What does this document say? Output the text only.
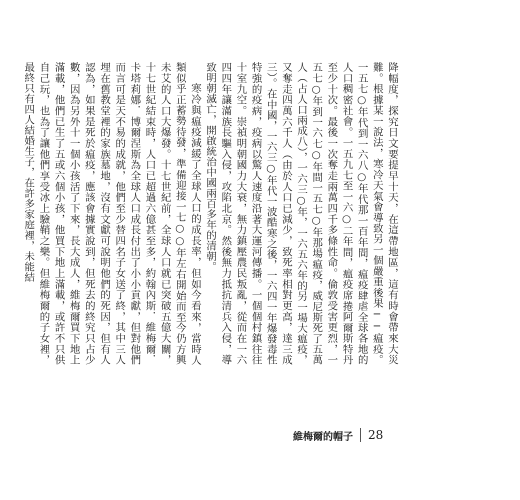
降幅度，探究日文要提早十天，在這帶地區，這有時會帶來大災難。根據某一說法，寒冷天氣會導致另一個嚴重後果──瘟疫。一五七○年代到一六八○年代那一百年間，瘟疫肆虐全球各地的人口稠密社會。一五九七至一六○二年間，瘟疫席捲阿爾斯特丹至少十次。最後一次奪走兩萬四千多條性命。倫敦受害更烈，一五七○年到一六七○年間一五七○年那場瘟疫，威尼斯死了五萬人（占人口兩成八），一六三○年，一六五六年的另一場大瘟疫，又奪走四萬六千人（由於人口已減少，致死率相對更高，達三成三）。在中國，一六三○年代一波酷寒之後，一六四一年爆發毒性特強的疫病，疫病以驚人速度沿著大運河傳播。一個個村鎮往往十室九空。崇禎明朝國力大衰，無力鎮壓農民叛亂，從而在一六四四年讓滿族長驅入侵，攻陷北京。然後無力抵抗清兵入侵，導致明朝滅亡，開啟統治中國兩百多年的清朝。

寒冷與瘟疫減緩了全球人口的成長率，但如今看來，當時人類似乎正蓄勢待發，準備迎接一七○○年左右開始而至今仍方興未艾的人口大爆發。十七世紀前，全球人口就已突破五億大關，十七世紀結束時，人口已超過六億甚至多，約翰內斯．維梅爾．卡塔莉娜．博爾涅斯為全球人口成長付出了小小貢獻，但對他們而言可是天不易的成就，他們至少替四名子女送了終，其中三人埋在舊教堂裡的家族墓地，沒有文獻可說明他們的死因，但有人認為，如果是死於瘟疫，應該會據實說到，但死去的終究只占少數，因為另外十一個小孩活了下來，長大成人，維梅爾買下地上滿載，他們已生了五或六個小孩，他買下地上滿載，或許不只供自己玩，也為了讓他們享受冰上驗鞘之樂。但維梅爾的子女裡，最終只有四人結婚生子，在許多家庭裡，未能結

維梅爾的帽子 28
